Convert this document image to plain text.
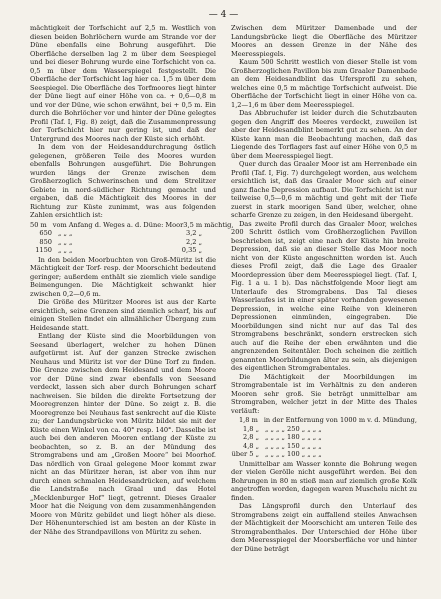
— 4 —

mächtigkeit der Torfschicht auf 2,5 m. Westlich von diesen beiden Bohrlöchern wurde am Strande vor der Düne ebenfalls eine Bohrung ausgeführt. Die Oberfläche derselben lag 2 m über dem Seespiegel und bei dieser Bohrung wurde eine Torfschicht von ca. 0,5 m über dem Wasserspiegel festgestellt. Die Oberfläche der Torfschicht lag hier ca. 1,5 m über dem Seespiegel. Die Oberfläche des Torfmoores liegt hinter der Düne liegt auf einer Höhe von ca. + 0,6—0,8 m und vor der Düne, wie schon erwähnt, bei + 0,5 m. Ein durch die Bohrlöcher vor und hinter der Düne gelegtes Profil (Taf. I, Fig. 8) zeigt, daß die Zusammenpressung der Torfschicht hier nur gering ist, und daß der Untergrund des Moores nach der Küste sich erhöht.

In dem von der Heidesanddurchragung östlich gelegenen, größeren Teile des Moores wurden ebenfalls Bohrungen ausgeführt. Die Bohrungen wurden längs der Grenze zwischen dem Großherzoglich Schwerinschen und dem Strelitzer Gebiete in nord-südlicher Richtung gemacht und ergaben, daß die Mächtigkeit des Moores in der Richtung zur Küste zunimmt, was aus folgenden Zahlen ersichtlich ist:

50 m vom Anfang d. Weges a. d. Düne: Moor 3,5 m mächtig,
650 „ „ „	3,2 „
850 „ „ „	2,2 „
1150 „ „ „	0,35 „

In den beiden Moorbuchten von Groß-Müritz ist die Mächtigkeit der Torf- resp. der Moorschicht bedeutend geringer; außerdem enthält sie ziemlich viele sandige Beimengungen. Die Mächtigkeit schwankt hier zwischen 0,2—0,6 m.

Die Größe des Müritzer Moores ist aus der Karte ersichtlich, seine Grenzen sind ziemlich scharf, bis auf einigen Stellen findet ein allmählicher Übergang zum Heidesande statt.

Entlang der Küste sind die Moorbildungen von Seesand überlagert, welcher zu hohen Dünen aufgetürmt ist. Auf der ganzen Strecke zwischen Neuhaus und Müritz ist vor der Düne Torf zu finden. Die Grenze zwischen dem Heidesand und dem Moore vor der Düne sind zwar ebenfalls von Seesand verdeckt, lassen sich aber durch Bohrungen scharf nachweisen. Sie bilden die direkte Fortsetzung der Mooregrenzen hinter der Düne. So zeigt z. B. die Mooregrenze bei Neuhaus fast senkrecht auf die Küste zu; der Landungsbrücke von Müritz bildet sie mit der Küste einen Winkel von ca. 40° resp. 140°. Dasselbe ist auch bei den anderen Mooren entlang der Küste zu beobachten, so z. B. an der Mündung des Stromgrabens und am „Großen Moore“ bei Moorhof. Das nördlich von Graal gelegene Moor kommt zwar nicht an das Müritzer heran, ist aber von ihm nur durch einen schmalen Heidesandrücken, auf welchem die Landstraße nach Graal und das Hotel „Mecklenburger Hof“ liegt, getrennt. Dieses Graaler Moor hat die Neigung von dem zusammenhängenden Moore von Müritz gebildet und liegt höher als diese. Der Höhenunterschied ist am besten an der Küste in der Nähe des Strandpavillons von Müritz zu sehen.

Zwischen dem Müritzer Damenbade und der Landungsbrücke liegt die Oberfläche des Müritzer Moores an dessen Grenze in der Nähe des Meeresspiegels.

Kaum 500 Schritt westlich von dieser Stelle ist vom Großherzoglichen Pavillon bis zum Graaler Damenbade an dem Heidesandblint das Ufersprofil zu sehen, welches eine 0,5 m mächtige Torfschicht aufweist. Die Oberfläche der Torfschicht liegt in einer Höhe von ca. 1,2—1,6 m über dem Meeresspiegel.

Das Abbruchufer ist leider durch die Schutzbauten gegen den Angriff des Meeres verdeckt, zuweilen ist aber der Heidesandblint bemerkt gut zu sehen. An der Küste kann man die Beobachtung machen, daß das Liegende des Torflagers fast auf einer Höhe von 0,5 m über dem Meeresspiegel liegt.

Quer durch das Graaler Moor ist am Herrenbade ein Profil (Taf. I, Fig. 7) durchgelegt worden, aus welchem ersichtlich ist, daß das Graaler Moor sich auf einer ganz flache Depression aufbaut. Die Torfschicht ist nur teilweise 0,5—0,6 m mächtig und geht mit der Tiefe zuerst in stark moorigen Sand über, welcher, ohne scharfe Grenze zu zeigen, in den Heidesand übergeht.

Das zweite Profil durch das Graaler Moor, welches 200 Schritt östlich vom Großherzoglichen Pavillon beschrieben ist, zeigt eine nach der Küste hin breite Depression, daß sie an dieser Stelle das Moor noch nicht von der Küste angeschnitten worden ist. Auch dieses Profil zeigt, daß die Lage des Graaler Moordepression über dem Meeresspiegel liegt. (Taf. I, Fig. 1 a u. 1 b). Das nächstfolgende Moor liegt am Unterlaufe des Stromgrabens. Das Tal dieses Wasserlaufes ist in einer später vorhanden gewesenen Depression, in welche eine Reihe von kleineren Depressionen einmünden, eingegraben. Die Moorbildungen sind nicht nur auf das Tal des Stromgrabens beschränkt, sondern erstrecken sich auch auf die Reihe der eben erwähnten und die angrenzenden Seitentäler. Doch scheinen die zeitlich genannten Moorbildungen älter zu sein, als diejenigen des eigentlichen Stromgrabentales.

Die Mächtigkeit der Moorbildungen im Stromgrabentale ist im Verhältnis zu den anderen Mooren sehr groß. Sie beträgt unmittelbar am Stromgraben, welcher jetzt in der Mitte des Thales verläuft:

1,8 m in der Entfernung von 1000 m v. d. Mündung,
1,8 „ „ „ „ „ 250 „ „ „ „
2,8 „ „ „ „ „ 180 „ „ „ „
4,8 „ „ „ „ „ 150 „ „ „ „
über 5 „ „ „ „ „ 100 „ „ „ „

Unmittelbar am Wasser konnte die Bohrung wegen der vielen Gerölle nicht ausgeführt werden. Bei den Bohrungen in 80 m stieß man auf ziemlich große Kolk angetroffen worden, dagegen waren Muschelu nicht zu finden.

Das Längsprofil durch den Unterlauf des Stromgrabens zeigt ein auffallend steiles Anwachsen der Mächtigkeit der Moorschicht am unteren Teile des Stromgrabenthales. Der Unterschied der Höhe über dem Meeresspiegel der Moorsberfläche vor und hinter der Düne beträgt
